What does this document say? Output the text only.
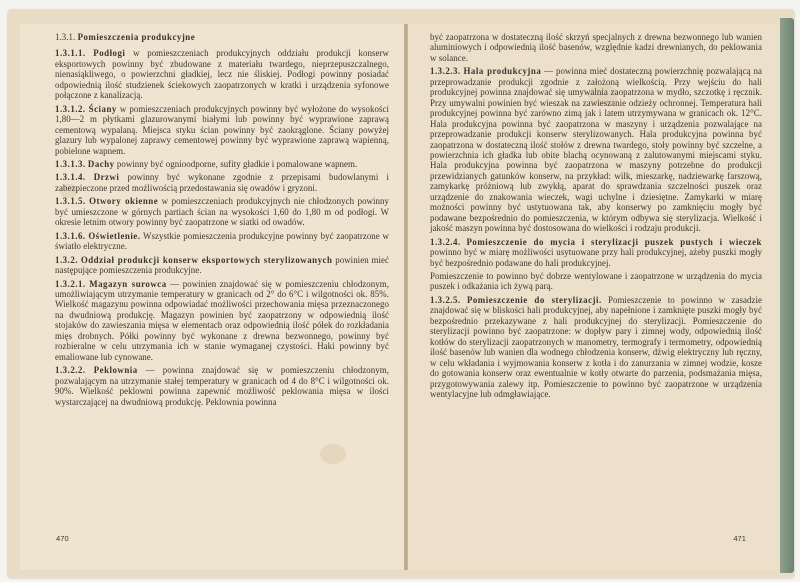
1.3.1. Pomieszczenia produkcyjne

1.3.1.1. Podłogi w pomieszczeniach produkcyjnych oddziału produkcji konserw eksportowych powinny być zbudowane z materiału twardego, nieprzepuszczalnego, nienasiąkliwego, o powierzchni gładkiej, lecz nie śliskiej. Podłogi powinny posiadać odpowiednią ilość studzienek ściekowych zaopatrzonych w kratki i urządzenia syfonowe połączone z kanalizacją.

1.3.1.2. Ściany w pomieszczeniach produkcyjnych powinny być wyłożone do wysokości 1,80—2 m płytkami glazurowanymi białymi lub powinny być wyprawione zaprawą cementową wypalaną. Miejsca styku ścian powinny być zaokrąglone. Ściany powyżej glazury lub wypalonej zaprawy cementowej powinny być wyprawione zaprawą wapienną, pobielone wapnem.

1.3.1.3. Dachy powinny być ognioodporne, sufity gładkie i pomalowane wapnem.

1.3.1.4. Drzwi powinny być wykonane zgodnie z przepisami budowlanymi i zabezpieczone przed możliwością przedostawania się owadów i gryzoni.

1.3.1.5. Otwory okienne w pomieszczeniach produkcyjnych nie chłodzonych powinny być umieszczone w górnych partiach ścian na wysokości 1,60 do 1,80 m od podłogi. W okresie letnim otwory powinny być zaopatrzone w siatki od owadów.

1.3.1.6. Oświetlenie. Wszystkie pomieszczenia produkcyjne powinny być zaopatrzone w światło elektryczne.

1.3.2. Oddział produkcji konserw eksportowych sterylizowanych powinien mieć następujące pomieszczenia produkcyjne.

1.3.2.1. Magazyn surowca — powinien znajdować się w pomieszczeniu chłodzonym, umożliwiającym utrzymanie temperatury w granicach od 2° do 6°C i wilgotności ok. 85%. Wielkość magazynu powinna odpowiadać możliwości przechowania mięsa przeznaczonego na dwudniową produkcję. Magazyn powinien być zaopatrzony w odpowiednią ilość stojaków do zawieszania mięsa w elementach oraz odpowiednią ilość półek do rozkładania mięs drobnych. Półki powinny być wykonane z drewna bezwonnego, powinny być rozbieralne w celu utrzymania ich w stanie wymaganej czystości. Haki powinny być emaliowane lub cynowane.

1.3.2.2. Peklownia — powinna znajdować się w pomieszczeniu chłodzonym, pozwalającym na utrzymanie stałej temperatury w granicach od 4 do 8°C i wilgotności ok. 90%. Wielkość peklowni powinna zapewnić możliwość peklowania mięsa w ilości wystarczającej na dwudniową produkcję. Peklownia powinna

470

być zaopatrzona w dostateczną ilość skrzyń specjalnych z drewna bezwonnego lub wanien aluminiowych i odpowiednią ilość basenów, względnie kadzi drewnianych, do peklowania w solance.

1.3.2.3. Hala produkcyjna — powinna mieć dostateczną powierzchnię pozwalającą na przeprowadzanie produkcji zgodnie z założoną wielkością. Przy wejściu do hali produkcyjnej powinna znajdować się umywalnia zaopatrzona w mydło, szczotkę i ręcznik. Przy umywalni powinien być wieszak na zawieszanie odzieży ochronnej. Temperatura hali produkcyjnej powinna być zarówno zimą jak i latem utrzymywana w granicach ok. 12°C. Hala produkcyjna powinna być zaopatrzona w maszyny i urządzenia pozwalające na przeprowadzanie produkcji konserw sterylizowanych. Hala produkcyjna powinna być zaopatrzona w dostateczną ilość stołów z drewna twardego, stoły powinny być szczelne, a powierzchnia ich gładka lub obite blachą ocynowaną z zalutowanymi miejscami styku. Hala produkcyjna powinna być zaopatrzona w maszyny potrzebne do produkcji przewidzianych gatunków konserw, na przykład: wilk, mieszarkę, nadziewarkę farszową, zamykarkę próżniową lub zwykłą, aparat do sprawdzania szczelności puszek oraz urządzenie do znakowania wieczek, wagi uchylne i dziesiętne. Zamykarki w miarę możności powinny być ustytuowana tak, aby konserwy po zamknięciu mogły być podawane bezpośrednio do pomieszczenia, w którym odbywa się sterylizacja. Wielkość i jakość maszyn powinna być dostosowana do wielkości i rodzaju produkcji.

1.3.2.4. Pomieszczenie do mycia i sterylizacji puszek pustych i wieczek powinno być w miarę możliwości usytuowane przy hali produkcyjnej, ażeby puszki mogły być bezpośrednio podawane do hali produkcyjnej.

Pomieszczenie to powinno być dobrze wentylowane i zaopatrzone w urządzenia do mycia puszek i odkażania ich żywą parą.

1.3.2.5. Pomieszczenie do sterylizacji. Pomieszczenie to powinno w zasadzie znajdować się w bliskości hali produkcyjnej, aby napełnione i zamknięte puszki mogły być bezpośrednio przekazywane z hali produkcyjnej do sterylizacji. Pomieszczenie do sterylizacji powinno być zaopatrzone: w dopływ pary i zimnej wody, odpowiednią ilość kotłów do sterylizacji zaopatrzonych w manometry, termografy i termometry, odpowiednią ilość basenów lub wanien dla wodnego chłodzenia konserw, dźwig elektryczny lub ręczny, w celu wkładania i wyjmowania konserw z kotła i do zanurzania w zimnej wodzie, kosze do gotowania konserw oraz ewentualnie w kotły otwarte do parzenia, podsmażania mięsa, przygotowywania zalewy itp. Pomieszczenie to powinno być zaopatrzone w urządzenia wentylacyjne lub odmgławiające.

471
